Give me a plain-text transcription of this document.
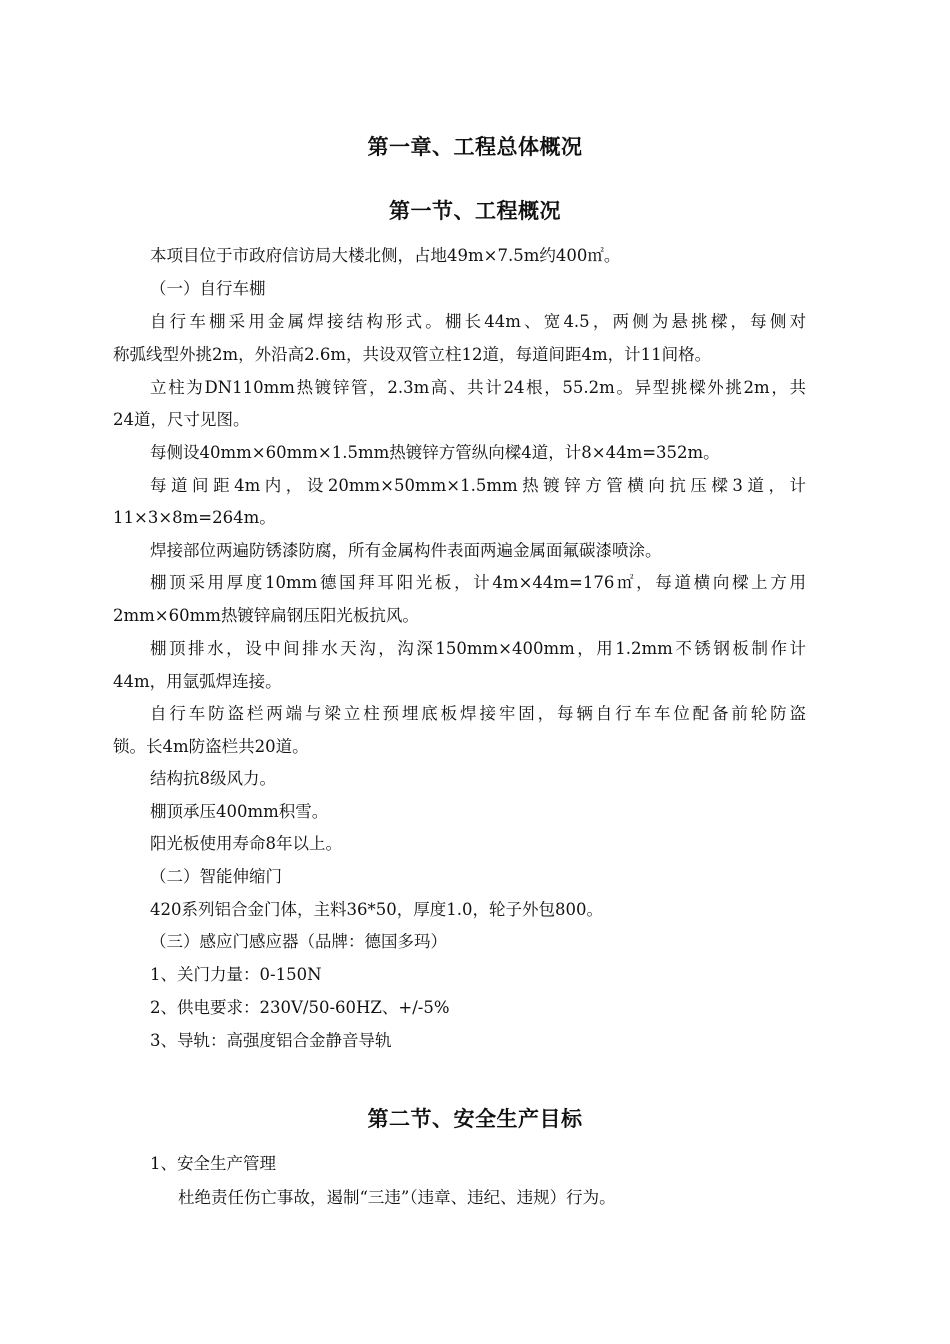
第一章、工程总体概况
第一节、工程概况

本项目位于市政府信访局大楼北侧，占地49m×7.5m约400㎡。

（一）自行车棚

自行车棚采用金属焊接结构形式。棚长44m、宽4.5，两侧为悬挑樑，每侧对

称弧线型外挑2m，外沿高2.6m，共设双管立柱12道，每道间距4m，计11间格。

立柱为DN110mm热镀锌管，2.3m高、共计24根，55.2m。异型挑樑外挑2m，共

24道，尺寸见图。

每侧设40mm×60mm×1.5mm热镀锌方管纵向樑4道，计8×44m=352m。

每道间距4m内，设20mm×50mm×1.5mm热镀锌方管横向抗压樑3道，计

11×3×8m=264m。

焊接部位两遍防锈漆防腐，所有金属构件表面两遍金属面氟碳漆喷涂。

棚顶采用厚度10mm德国拜耳阳光板，计4m×44m=176㎡，每道横向樑上方用

2mm×60mm热镀锌扁钢压阳光板抗风。

棚顶排水，设中间排水天沟，沟深150mm×400mm，用1.2mm不锈钢板制作计

44m，用氩弧焊连接。

自行车防盗栏两端与梁立柱预埋底板焊接牢固，每辆自行车车位配备前轮防盗

锁。长4m防盗栏共20道。

结构抗8级风力。

棚顶承压400mm积雪。

阳光板使用寿命8年以上。

（二）智能伸缩门

420系列铝合金门体，主料36*50，厚度1.0，轮子外包800。

（三）感应门感应器（品牌：德国多玛）

1、关门力量：0-150N

2、供电要求：230V/50-60HZ、+/-5%

3、导轨：高强度铝合金静音导轨

第二节、安全生产目标

1、安全生产管理

杜绝责任伤亡事故，遏制“三违”（违章、违纪、违规）行为。
